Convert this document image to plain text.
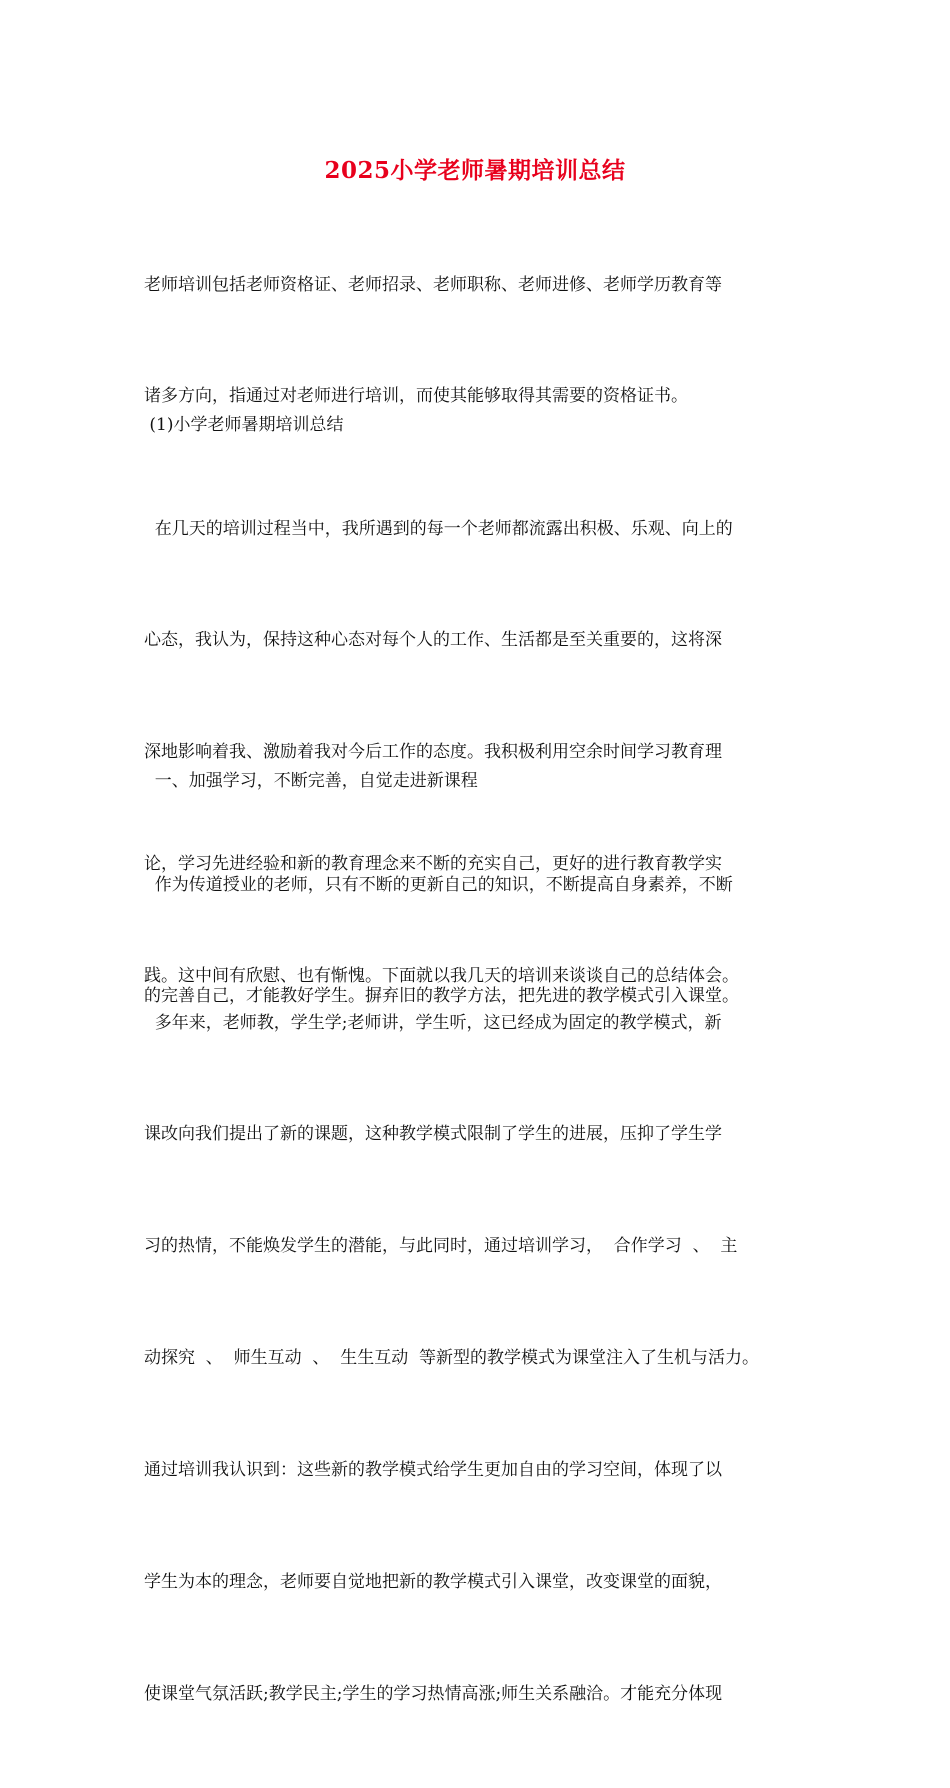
2025小学老师暑期培训总结

老师培训包括老师资格证、老师招录、老师职称、老师进修、老师学历教育等

诸多方向，指通过对老师进行培训，而使其能够取得其需要的资格证书。

(1)小学老师暑期培训总结

在几天的培训过程当中，我所遇到的每一个老师都流露出积极、乐观、向上的

心态，我认为，保持这种心态对每个人的工作、生活都是至关重要的，这将深

深地影响着我、激励着我对今后工作的态度。我积极利用空余时间学习教育理

论，学习先进经验和新的教育理念来不断的充实自己，更好的进行教育教学实

践。这中间有欣慰、也有惭愧。下面就以我几天的培训来谈谈自己的总结体会。

一、加强学习，不断完善，自觉走进新课程

作为传道授业的老师，只有不断的更新自己的知识，不断提高自身素养，不断

的完善自己，才能教好学生。摒弃旧的教学方法，把先进的教学模式引入课堂。

多年来，老师教，学生学;老师讲，学生听，这已经成为固定的教学模式，新

课改向我们提出了新的课题，这种教学模式限制了学生的进展，压抑了学生学

习的热情，不能焕发学生的潜能，与此同时，通过培训学习，  合作学习  、  主

动探究  、  师生互动  、  生生互动  等新型的教学模式为课堂注入了生机与活力。

通过培训我认识到：这些新的教学模式给学生更加自由的学习空间，体现了以

学生为本的理念，老师要自觉地把新的教学模式引入课堂，改变课堂的面貌，

使课堂气氛活跃;教学民主;学生的学习热情高涨;师生关系融洽。才能充分体现
